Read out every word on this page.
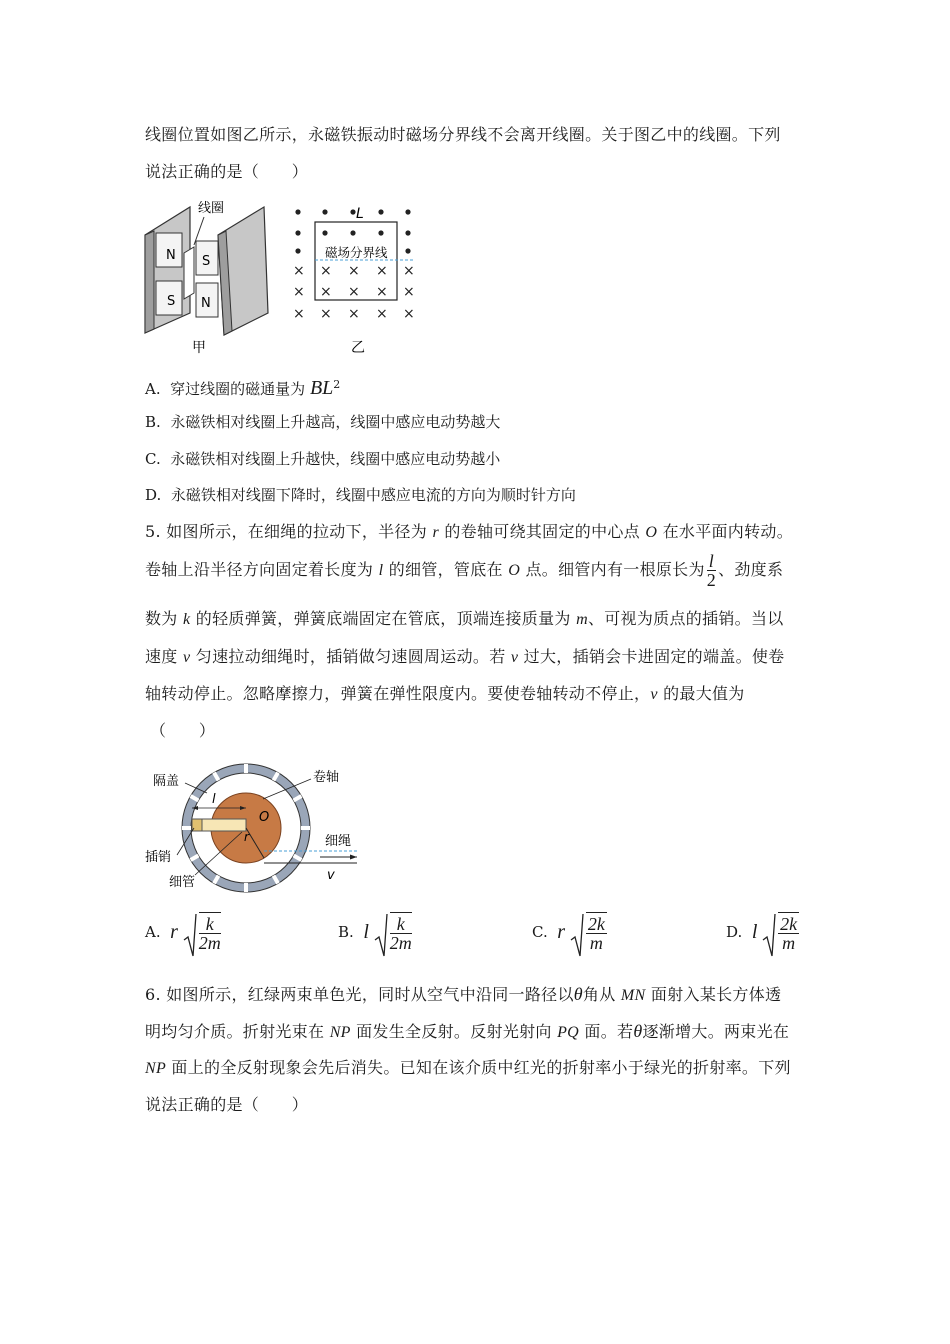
线圈位置如图乙所示，永磁铁振动时磁场分界线不会离开线圈。关于图乙中的线圈。下列
说法正确的是（　　）
N
S
S
N
线圈
甲
× × × × ×
× × × × ×
× × × × ×
L
磁场分界线
乙
A. 穿过线圈的磁通量为 $BL^2$
B. 永磁铁相对线圈上升越高，线圈中感应电动势越大
C. 永磁铁相对线圈上升越快，线圈中感应电动势越小
D. 永磁铁相对线圈下降时，线圈中感应电流的方向为顺时针方向
5. 如图所示，在细绳的拉动下，半径为 r 的卷轴可绕其固定的中心点 O 在水平面内转动。
卷轴上沿半径方向固定着长度为 l 的细管，管底在 O 点。细管内有一根原长为 $\frac{l}{2}$ 、劲度系
数为 k 的轻质弹簧，弹簧底端固定在管底，顶端连接质量为 m、可视为质点的插销。当以
速度 v 匀速拉动细绳时，插销做匀速圆周运动。若 v 过大，插销会卡进固定的端盖。使卷
轴转动停止。忽略摩擦力，弹簧在弹性限度内。要使卷轴转动不停止，v 的最大值为
（　　）
l
O
r	细绳
v
隔盖	卷轴
插销
细管
A. r $\frac{k}{2m}$	B. l $\frac{k}{2m}$	C. r $\frac{2k}{m}$	D. l $\frac{2k}{m}$
6. 如图所示，红绿两束单色光，同时从空气中沿同一路径以θ角从 MN 面射入某长方体透
明均匀介质。折射光束在 NP 面发生全反射。反射光射向 PQ 面。若θ逐渐增大。两束光在
NP 面上的全反射现象会先后消失。已知在该介质中红光的折射率小于绿光的折射率。下列
说法正确的是（　　）
